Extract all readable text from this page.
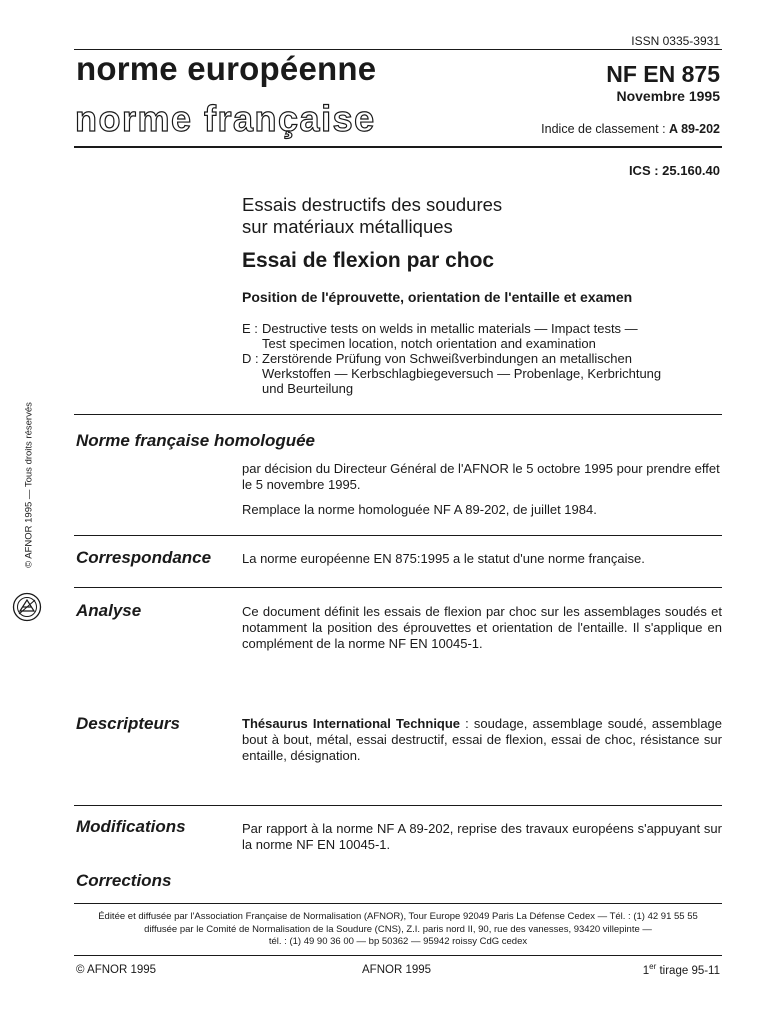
ISSN 0335-3931
norme européenne
norme française
NF EN 875
Novembre 1995
Indice de classement : A 89-202
ICS : 25.160.40
Essais destructifs des soudures
sur matériaux métalliques
Essai de flexion par choc
Position de l'éprouvette, orientation de l'entaille et examen
E : Destructive tests on welds in metallic materials — Impact tests —
Test specimen location, notch orientation and examination
D : Zerstörende Prüfung von Schweißverbindungen an metallischen
Werkstoffen — Kerbschlagbiegeversuch — Probenlage, Kerbrichtung
und Beurteilung
Norme française homologuée

par décision du Directeur Général de l'AFNOR le 5 octobre 1995 pour prendre effet le 5 novembre 1995.

Remplace la norme homologuée NF A 89-202, de juillet 1984.

Correspondance La norme européenne EN 875:1995 a le statut d'une norme française.
Analyse	Ce document définit les essais de flexion par choc sur les assemblages soudés et notamment la position des éprouvettes et orientation de l'entaille. Il s'applique en complément de la norme NF EN 10045-1.
Descripteurs	Thésaurus International Technique : soudage, assemblage soudé, assemblage bout à bout, métal, essai destructif, essai de flexion, essai de choc, résistance sur entaille, désignation.
Modifications	Par rapport à la norme NF A 89-202, reprise des travaux européens s'appuyant sur la norme NF EN 10045-1.
Corrections
Éditée et diffusée par l'Association Française de Normalisation (AFNOR), Tour Europe 92049 Paris La Défense Cedex — Tél. : (1) 42 91 55 55
diffusée par le Comité de Normalisation de la Soudure (CNS), Z.I. paris nord II, 90, rue des vanesses, 93420 villepinte —
tél. : (1) 49 90 36 00 — bp 50362 — 95942 roissy CdG cedex
© AFNOR 1995	AFNOR 1995	1er tirage 95-11
© AFNOR 1995 — Tous droits réservés
